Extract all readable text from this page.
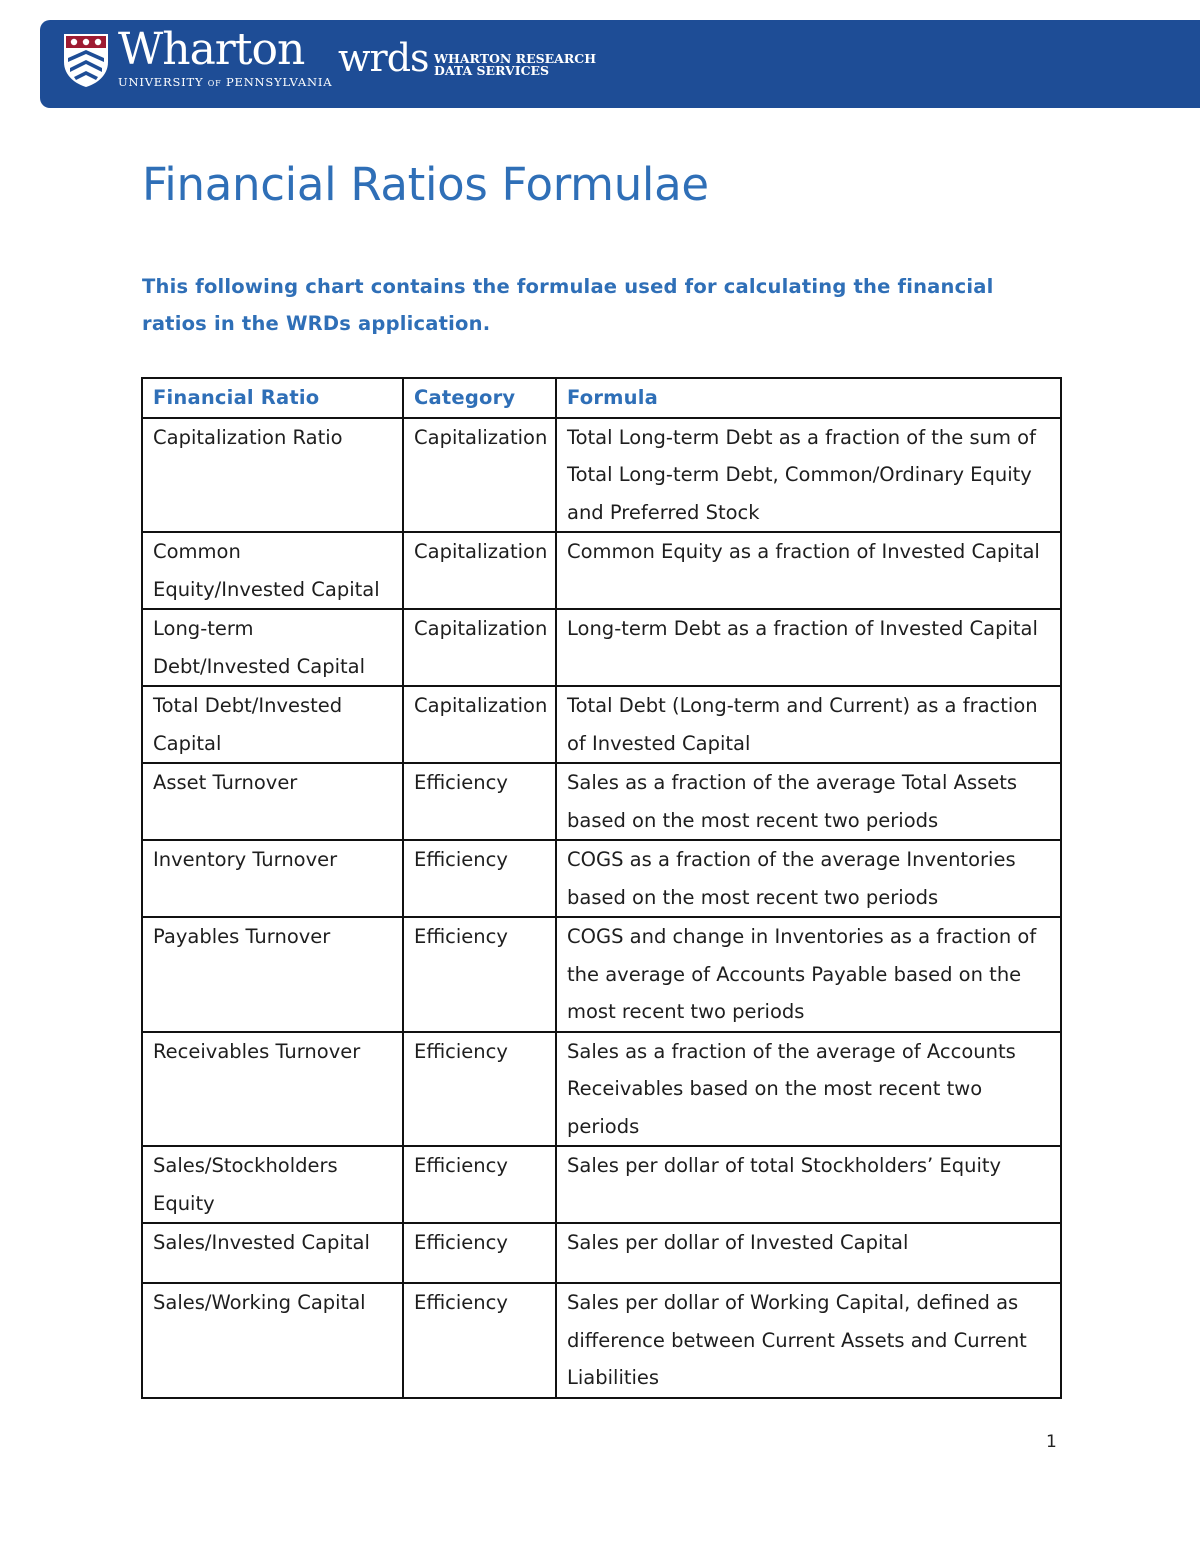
Wharton
UNIVERSITY of PENNSYLVANIA
wrds WHARTON RESEARCH
DATA SERVICES
Financial Ratios Formulae

This following chart contains the formulae used for calculating the financial ratios in the WRDs application.

Financial Ratio	Category	Formula
Capitalization Ratio	Capitalization	Total Long-term Debt as a fraction of the sum of Total Long-term Debt, Common/Ordinary Equity and Preferred Stock
Common Equity/Invested Capital	Capitalization	Common Equity as a fraction of Invested Capital
Long-term Debt/Invested Capital	Capitalization	Long-term Debt as a fraction of Invested Capital
Total Debt/Invested Capital	Capitalization	Total Debt (Long-term and Current) as a fraction of Invested Capital
Asset Turnover	Efficiency	Sales as a fraction of the average Total Assets based on the most recent two periods
Inventory Turnover	Efficiency	COGS as a fraction of the average Inventories based on the most recent two periods
Payables Turnover	Efficiency	COGS and change in Inventories as a fraction of the average of Accounts Payable based on the most recent two periods
Receivables Turnover	Efficiency	Sales as a fraction of the average of Accounts Receivables based on the most recent two periods
Sales/Stockholders Equity	Efficiency	Sales per dollar of total Stockholders’ Equity
Sales/Invested Capital	Efficiency	Sales per dollar of Invested Capital
Sales/Working Capital	Efficiency	Sales per dollar of Working Capital, defined as difference between Current Assets and Current Liabilities
1
